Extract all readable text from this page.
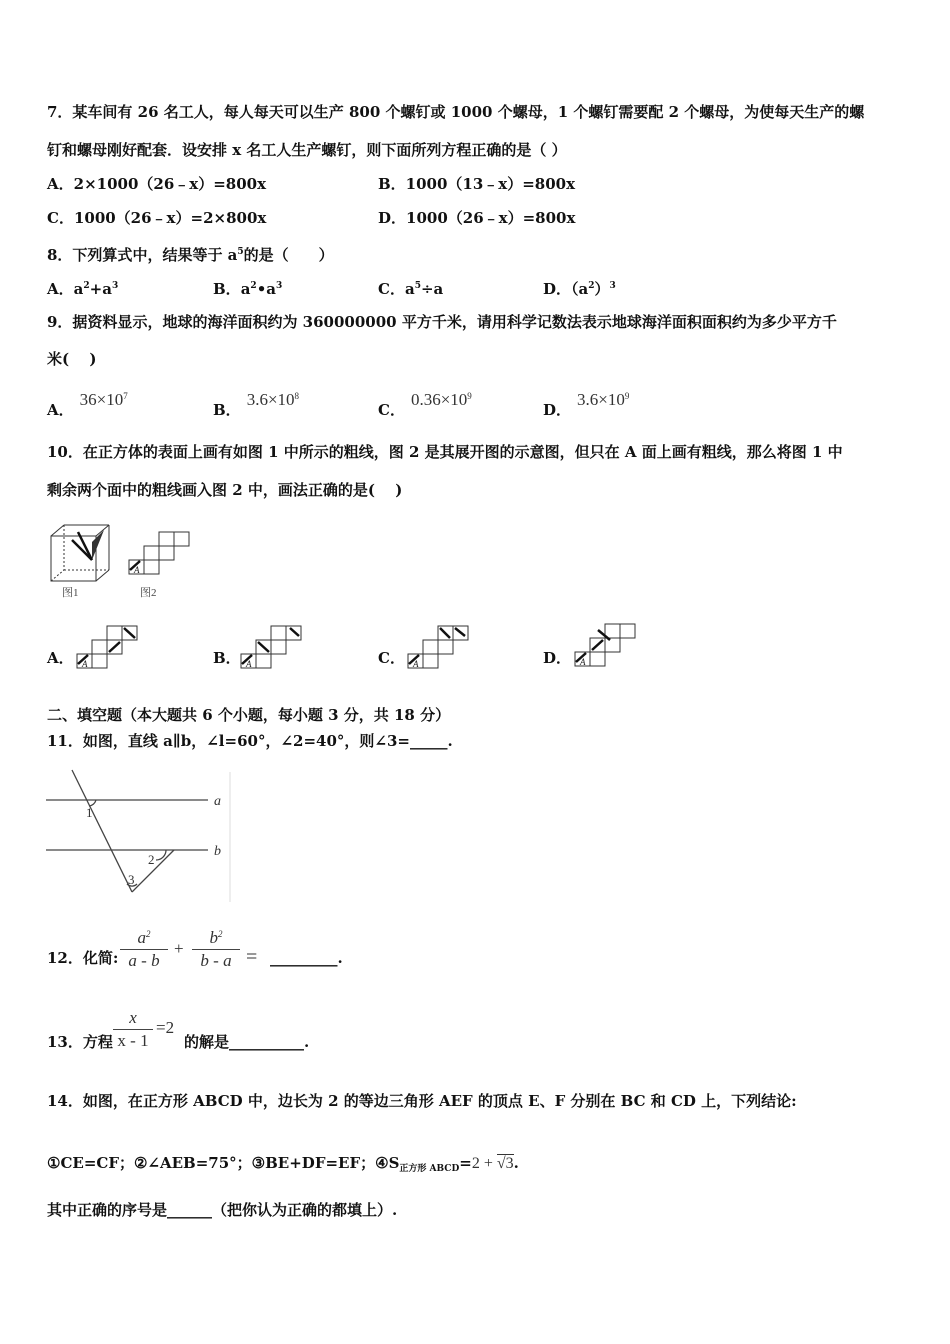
7．某车间有 26 名工人，每人每天可以生产 800 个螺钉或 1000 个螺母，1 个螺钉需要配 2 个螺母，为使每天生产的螺
钉和螺母刚好配套．设安排 x 名工人生产螺钉，则下面所列方程正确的是（ ）
A．2×1000（26﹣x）=800x	B．1000（13﹣x）=800x
C．1000（26﹣x）=2×800x	D．1000（26﹣x）=800x
8．下列算式中，结果等于 $a^5$的是（　　）
A．$a^2+a^3$	B．$a^2•a^3$	C．$a^5\div a$	D．$(a^2)^3$
9．据资料显示，地球的海洋面积约为 360000000 平方千米，请用科学记数法表示地球海洋面积面积约为多少平方千
米(　 )
A．$36\times 10^7$
B．$3.6\times 10^8$
C．$0.36\times 10^9$
D．$3.6\times 10^9$
10．在正方体的表面上画有如图 1 中所示的粗线，图 2 是其展开图的示意图，但只在 A 面上画有粗线，那么将图 1 中
剩余两个面中的粗线画入图 2 中，画法正确的是(　 )
图1
A
图2
A． A	B． A	C． A	D． A
二、填空题（本大题共 6 个小题，每小题 3 分，共 18 分）
11．如图，直线 a∥b，∠l=60°，∠2=40°，则∠3=_____.
a
b
1
2
3
12．化简:
$a^2$
a - b
+
$b^2$
b - a = _________.
13．方程
x
x - 1
=2
的解是__________.
14．如图，在正方形 ABCD 中，边长为 2 的等边三角形 AEF 的顶点 E、F 分别在 BC 和 CD 上，下列结论:
①CE=CF；②∠AEB=75°；③BE+DF=EF；$④S_{正方形 ABCD}=2 + √3$.
其中正确的序号是______（把你认为正确的都填上）.
